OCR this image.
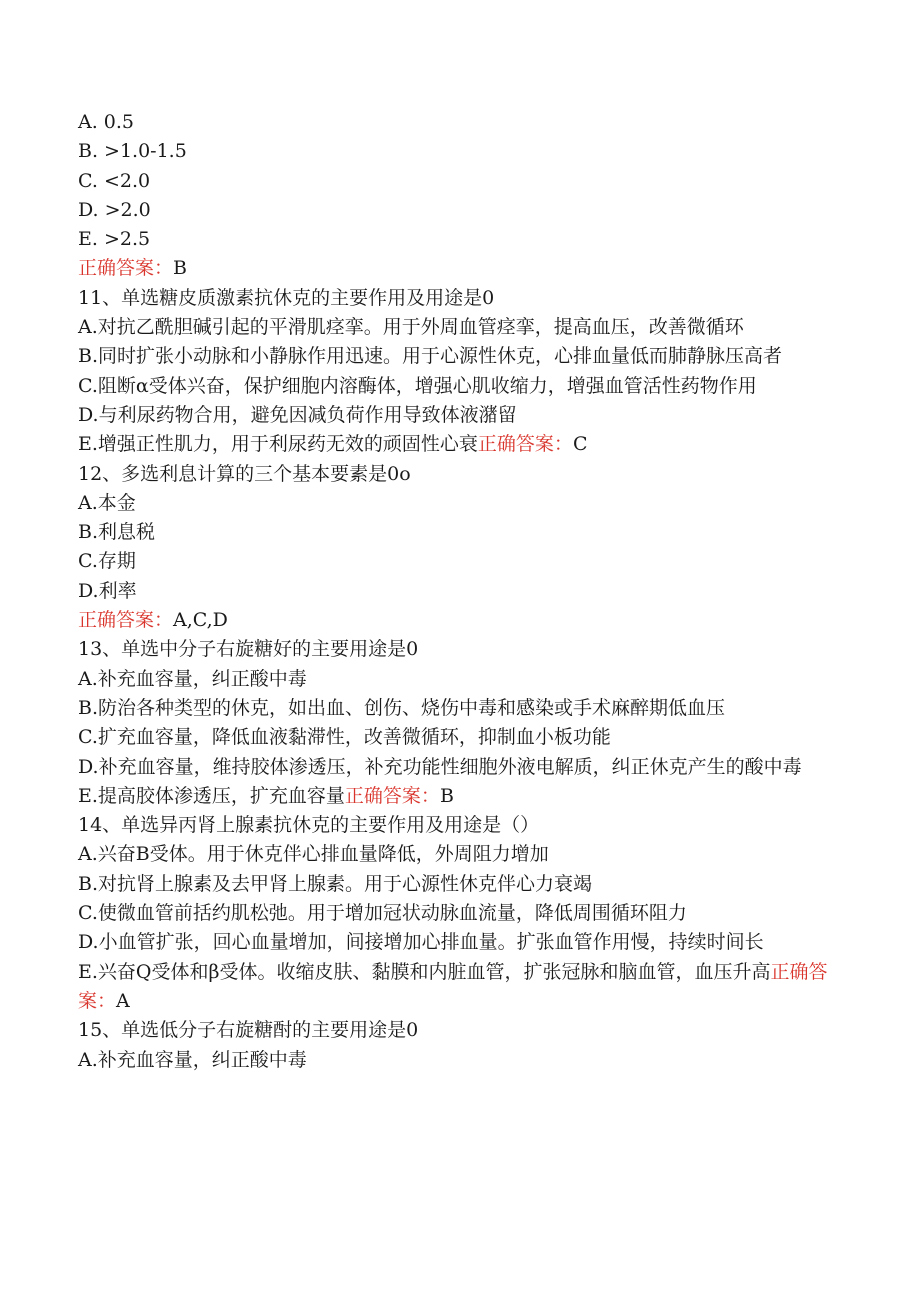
A. 0.5
B. >1.0-1.5
C. <2.0
D. >2.0
E. >2.5
正确答案：B
11、单选糖皮质激素抗休克的主要作用及用途是0
A.对抗乙酰胆碱引起的平滑肌痉挛。用于外周血管痉挛，提高血压，改善微循环
B.同时扩张小动脉和小静脉作用迅速。用于心源性休克，心排血量低而肺静脉压高者
C.阻断α受体兴奋，保护细胞内溶酶体，增强心肌收缩力，增强血管活性药物作用
D.与利尿药物合用，避免因减负荷作用导致体液潴留
E.增强正性肌力，用于利尿药无效的顽固性心衰正确答案：C
12、多选利息计算的三个基本要素是0o
A.本金
B.利息税
C.存期
D.利率
正确答案：A,C,D
13、单选中分子右旋糖好的主要用途是0
A.补充血容量，纠正酸中毒
B.防治各种类型的休克，如出血、创伤、烧伤中毒和感染或手术麻醉期低血压
C.扩充血容量，降低血液黏滞性，改善微循环，抑制血小板功能
D.补充血容量，维持胶体渗透压，补充功能性细胞外液电解质，纠正休克产生的酸中毒
E.提高胶体渗透压，扩充血容量正确答案：B
14、单选异丙肾上腺素抗休克的主要作用及用途是（）
A.兴奋B受体。用于休克伴心排血量降低，外周阻力增加
B.对抗肾上腺素及去甲肾上腺素。用于心源性休克伴心力衰竭
C.使微血管前括约肌松弛。用于增加冠状动脉血流量，降低周围循环阻力
D.小血管扩张，回心血量增加，间接增加心排血量。扩张血管作用慢，持续时间长
E.兴奋Q受体和β受体。收缩皮肤、黏膜和内脏血管，扩张冠脉和脑血管，血压升高正确答案：A
15、单选低分子右旋糖酎的主要用途是0
A.补充血容量，纠正酸中毒
